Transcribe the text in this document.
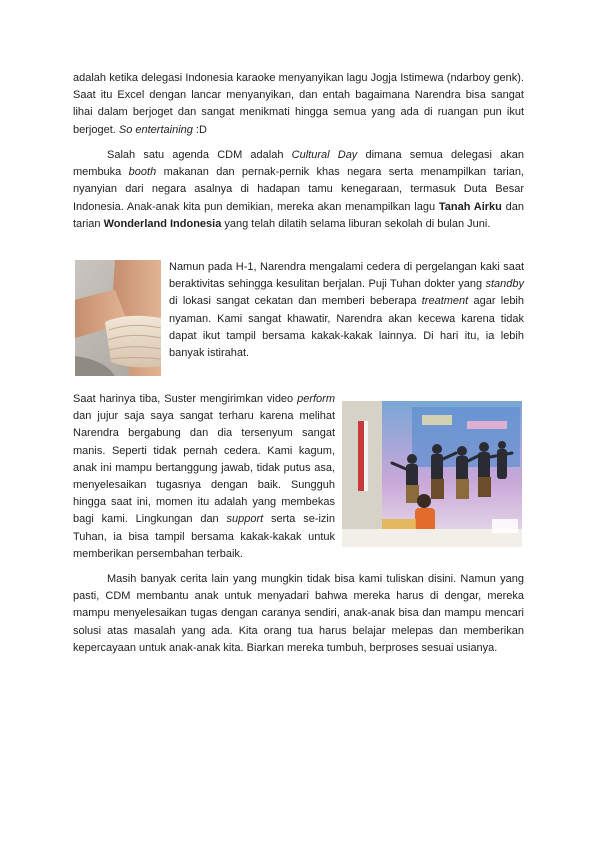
adalah ketika delegasi Indonesia karaoke menyanyikan lagu Jogja Istimewa (ndarboy genk). Saat itu Excel dengan lancar menyanyikan, dan entah bagaimana Narendra bisa sangat lihai dalam berjoget dan sangat menikmati hingga semua yang ada di ruangan pun ikut berjoget. So entertaining :D

Salah satu agenda CDM adalah Cultural Day dimana semua delegasi akan membuka booth makanan dan pernak-pernik khas negara serta menampilkan tarian, nyanyian dari negara asalnya di hadapan tamu kenegaraan, termasuk Duta Besar Indonesia. Anak-anak kita pun demikian, mereka akan menampilkan lagu Tanah Airku dan tarian Wonderland Indonesia yang telah dilatih selama liburan sekolah di bulan Juni.

Namun pada H-1, Narendra mengalami cedera di pergelangan kaki saat beraktivitas sehingga kesulitan berjalan. Puji Tuhan dokter yang standby di lokasi sangat cekatan dan memberi beberapa treatment agar lebih nyaman. Kami sangat khawatir, Narendra akan kecewa karena tidak dapat ikut tampil bersama kakak-kakak lainnya. Di hari itu, ia lebih banyak istirahat.

Saat harinya tiba, Suster mengirimkan video perform dan jujur saja saya sangat terharu karena melihat Narendra bergabung dan dia tersenyum sangat manis. Seperti tidak pernah cedera. Kami kagum, anak ini mampu bertanggung jawab, tidak putus asa, menyelesaikan tugasnya dengan baik. Sungguh hingga saat ini, momen itu adalah yang membekas bagi kami. Lingkungan dan support serta se-izin Tuhan, ia bisa tampil bersama kakak-kakak untuk memberikan persembahan terbaik.

Masih banyak cerita lain yang mungkin tidak bisa kami tuliskan disini. Namun yang pasti, CDM membantu anak untuk menyadari bahwa mereka harus di dengar, mereka mampu menyelesaikan tugas dengan caranya sendiri, anak-anak bisa dan mampu mencari solusi atas masalah yang ada. Kita orang tua harus belajar melepas dan memberikan kepercayaan untuk anak-anak kita. Biarkan mereka tumbuh, berproses sesuai usianya.
